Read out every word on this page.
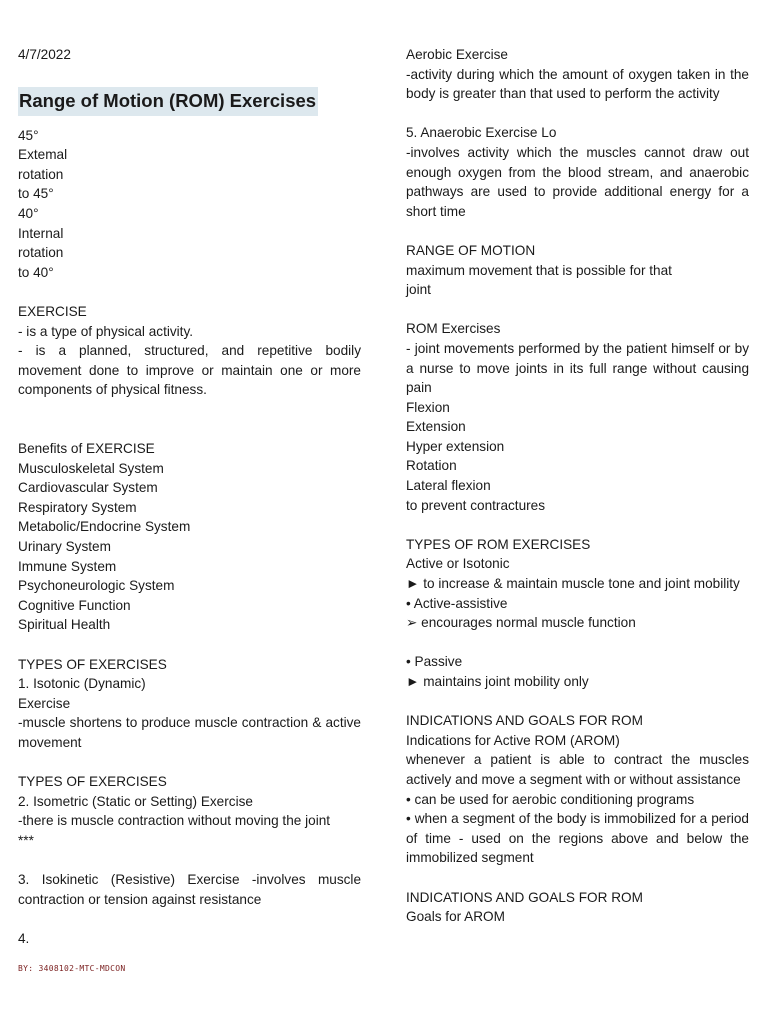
4/7/2022
Range of Motion (ROM) Exercises
45°
Extemal
rotation
to 45°
40°
Internal
rotation
to 40°
EXERCISE
- is a type of physical activity.
- is a planned, structured, and repetitive bodily movement done to improve or maintain one or more components of physical fitness.
Benefits of EXERCISE
Musculoskeletal System
Cardiovascular System
Respiratory System
Metabolic/Endocrine System
Urinary System
Immune System
Psychoneurologic System
Cognitive Function
Spiritual Health
TYPES OF EXERCISES
1. Isotonic (Dynamic)
Exercise
-muscle shortens to produce muscle contraction & active movement
TYPES OF EXERCISES
2. Isometric (Static or Setting) Exercise
-there is muscle contraction without moving the joint
***
3. Isokinetic (Resistive) Exercise -involves muscle contraction or tension against resistance
4.
Aerobic Exercise
-activity during which the amount of oxygen taken in the body is greater than that used to perform the activity
5. Anaerobic Exercise Lo
-involves activity which the muscles cannot draw out enough oxygen from the blood stream, and anaerobic pathways are used to provide additional energy for a short time
RANGE OF MOTION
maximum movement that is possible for that
joint
ROM Exercises
- joint movements performed by the patient himself or by a nurse to move joints in its full range without causing pain
Flexion
Extension
Hyper extension
Rotation
Lateral flexion
to prevent contractures
TYPES OF ROM EXERCISES
Active or Isotonic
► to increase & maintain muscle tone and joint mobility
• Active-assistive
➢ encourages normal muscle function
• Passive
► maintains joint mobility only
INDICATIONS AND GOALS FOR ROM
Indications for Active ROM (AROM)
whenever a patient is able to contract the muscles actively and move a segment with or without assistance
• can be used for aerobic conditioning programs
• when a segment of the body is immobilized for a period of time - used on the regions above and below the immobilized segment
INDICATIONS AND GOALS FOR ROM
Goals for AROM
BY: 3408102-MTC-MDCON
